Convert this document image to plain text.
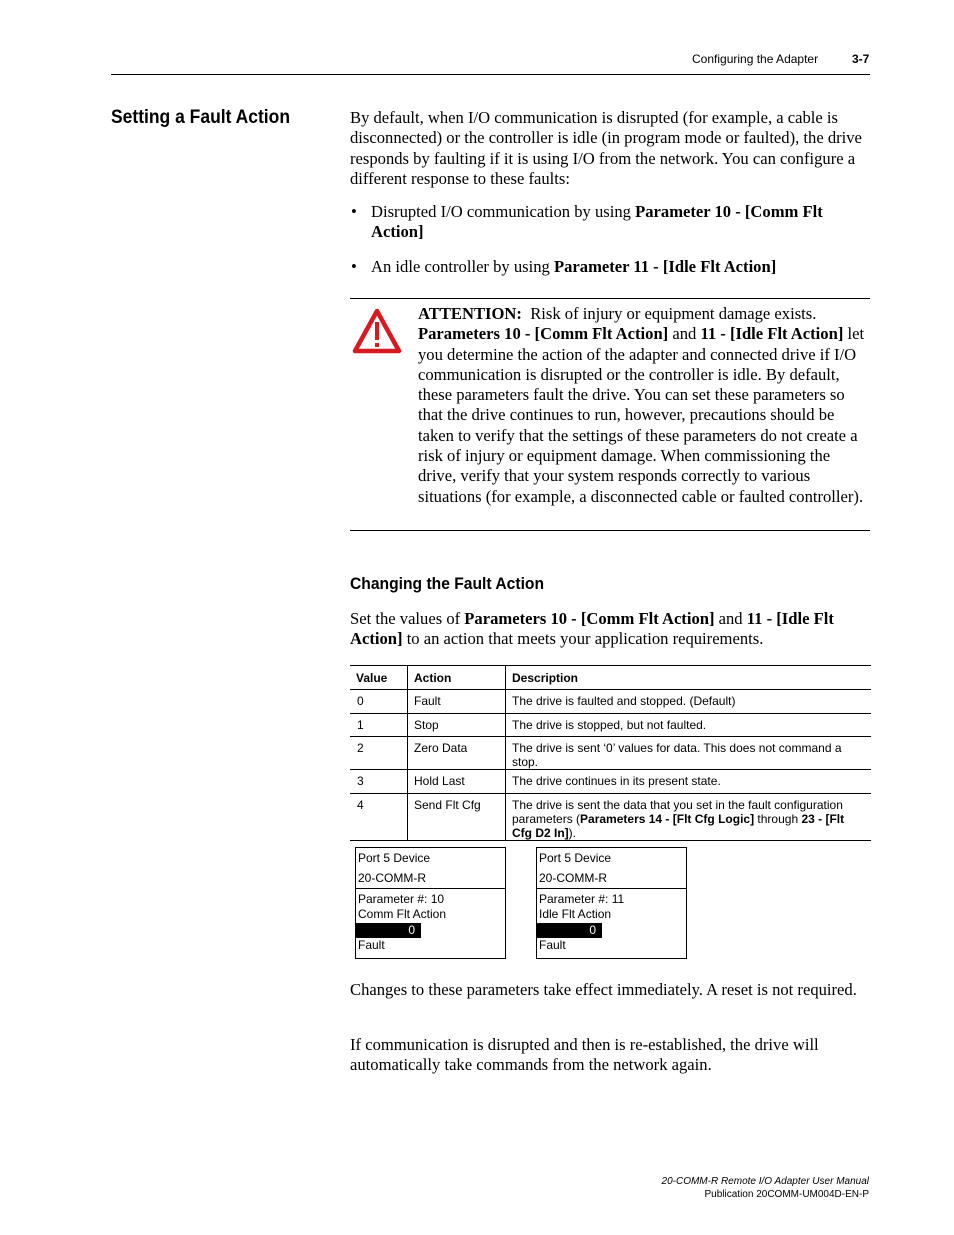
Configuring the Adapter	3-7
Setting a Fault Action	By default, when I/O communication is disrupted (for example, a cable is disconnected) or the controller is idle (in program mode or faulted), the drive responds by faulting if it is using I/O from the network. You can configure a different response to these faults:
• Disrupted I/O communication by using Parameter 10 - [Comm Flt Action]
• An idle controller by using Parameter 11 - [Idle Flt Action]
ATTENTION: Risk of injury or equipment damage exists.
Parameters 10 - [Comm Flt Action] and 11 - [Idle Flt Action] let you determine the action of the adapter and connected drive if I/O communication is disrupted or the controller is idle. By default, these parameters fault the drive. You can set these parameters so that the drive continues to run, however, precautions should be taken to verify that the settings of these parameters do not create a risk of injury or equipment damage. When commissioning the drive, verify that your system responds correctly to various situations (for example, a disconnected cable or faulted controller).
Changing the Fault Action
Set the values of Parameters 10 - [Comm Flt Action] and 11 - [Idle Flt Action] to an action that meets your application requirements.
Value	Action	Description
0	Fault	The drive is faulted and stopped. (Default)
1	Stop	The drive is stopped, but not faulted.
2	Zero Data	The drive is sent ‘0’ values for data. This does not command a stop.
3	Hold Last	The drive continues in its present state.
4	Send Flt Cfg	The drive is sent the data that you set in the fault configuration parameters (Parameters 14 - [Flt Cfg Logic] through 23 - [Flt Cfg D2 In]).
Port 5 Device
20-COMM-R
Parameter #: 10
Comm Flt Action
0
Fault
Port 5 Device
20-COMM-R
Parameter #: 11
Idle Flt Action
0
Fault
Changes to these parameters take effect immediately. A reset is not required.
If communication is disrupted and then is re-established, the drive will automatically take commands from the network again.
20-COMM-R Remote I/O Adapter User Manual
Publication 20COMM-UM004D-EN-P
